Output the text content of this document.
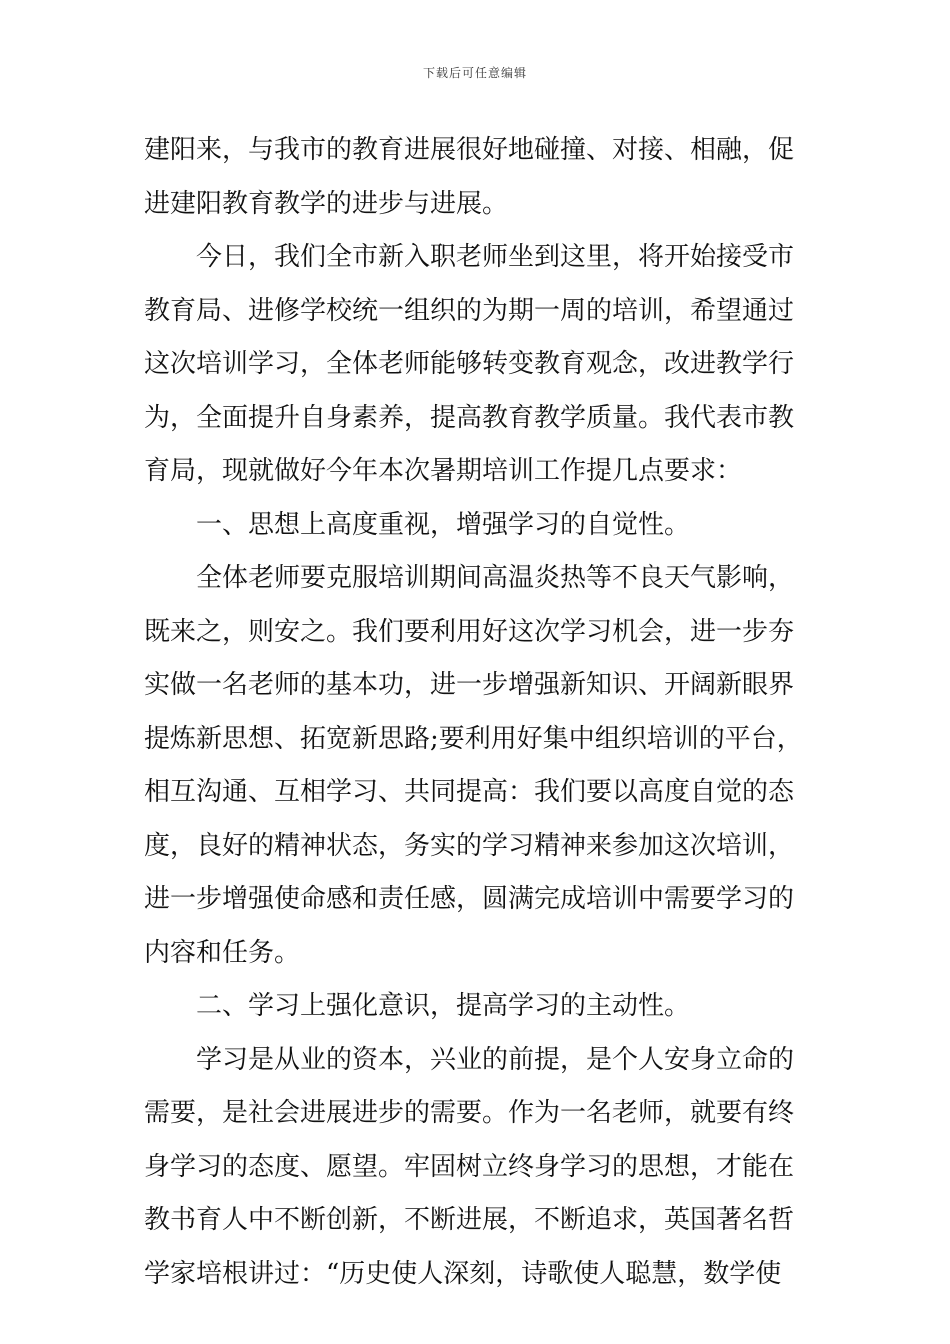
下载后可任意编辑
建阳来，与我市的教育进展很好地碰撞、对接、相融，促
进建阳教育教学的进步与进展。
今日，我们全市新入职老师坐到这里，将开始接受市
教育局、进修学校统一组织的为期一周的培训，希望通过
这次培训学习，全体老师能够转变教育观念，改进教学行
为，全面提升自身素养，提高教育教学质量。我代表市教
育局，现就做好今年本次暑期培训工作提几点要求：
一、思想上高度重视，增强学习的自觉性。
全体老师要克服培训期间高温炎热等不良天气影响，
既来之，则安之。我们要利用好这次学习机会，进一步夯
实做一名老师的基本功，进一步增强新知识、开阔新眼界
提炼新思想、拓宽新思路;要利用好集中组织培训的平台，
相互沟通、互相学习、共同提高：我们要以高度自觉的态
度，良好的精神状态，务实的学习精神来参加这次培训，
进一步增强使命感和责任感，圆满完成培训中需要学习的
内容和任务。
二、学习上强化意识，提高学习的主动性。
学习是从业的资本，兴业的前提，是个人安身立命的
需要，是社会进展进步的需要。作为一名老师，就要有终
身学习的态度、愿望。牢固树立终身学习的思想，才能在
教书育人中不断创新，不断进展，不断追求，英国著名哲
学家培根讲过：“历史使人深刻，诗歌使人聪慧，数学使
